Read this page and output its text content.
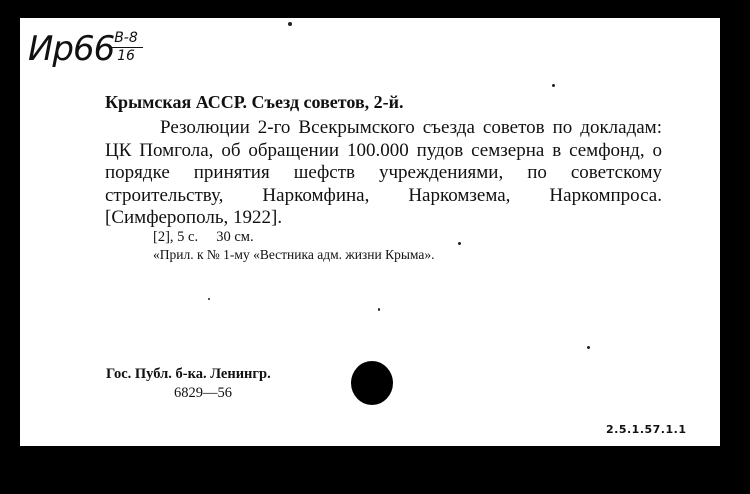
Ир66 В-8
16
Крымская АССР. Съезд советов, 2-й.
Резолюции 2-го Всекрымского съезда советов по докладам: ЦК Помгола, об обращении 100.000 пудов семзерна в семфонд, о порядке принятия шефств учреждениями, по советскому строительству, Наркомфина, Наркомзема, Наркомпроса. [Симферополь, 1922].
[2], 5 с.     30 см.
«Прил. к № 1-му «Вестника адм. жизни Крыма».
Гос. Публ. б-ка. Ленингр.
6829—56
2.5.1.57.1.1
